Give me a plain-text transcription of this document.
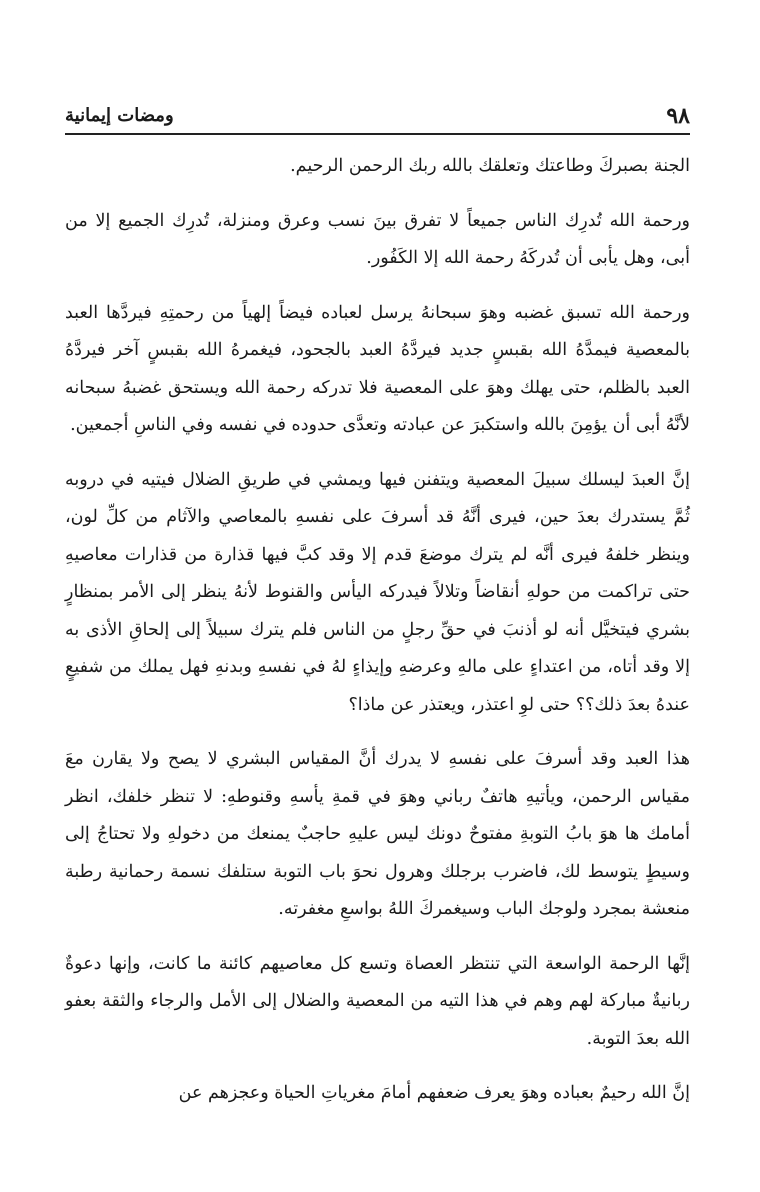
٩٨
ومضات إيمانية

الجنة بصبركَ وطاعتك وتعلقك بالله ربك الرحمن الرحيم.

ورحمة الله تُدرِك الناس جميعاً لا تفرق بينَ نسب وعرق ومنزلة، تُدرِك الجميع إلا من أبى، وهل يأبى أن تُدركَهُ رحمة الله إلا الكَفُور.

ورحمة الله تسبق غضبه وهوَ سبحانهُ يرسل لعباده فيضاً إلهياً من رحمتِهِ فيردَّها العبد بالمعصية فيمدَّهُ الله بقبسٍ جديد فيردَّهُ العبد بالجحود، فيغمرهُ الله بقبسٍ آخر فيردَّهُ العبد بالظلم، حتى يهلك وهوَ على المعصية فلا تدركه رحمة الله ويستحق غضبهُ سبحانه لأنَّهُ أبى أن يؤمِنَ بالله واستكبرَ عن عبادته وتعدَّى حدوده في نفسه وفي الناسِ أجمعين.

إنَّ العبدَ ليسلك سبيلَ المعصية ويتفنن فيها ويمشي في طريقِ الضلال فيتيه في دروبه ثُمَّ يستدرك بعدَ حين، فيرى أنَّهُ قد أسرفَ على نفسهِ بالمعاصي والآثام من كلِّ لون، وينظر خلفهُ فيرى أنَّه لم يترك موضعَ قدم إلا وقد كبَّ فيها قذارة من قذارات معاصيهِ حتى تراكمت من حولهِ أنقاضاً وتلالاً فيدركه اليأس والقنوط لأنهُ ينظر إلى الأمر بمنظارٍ بشري فيتخيَّل أنه لو أذنبَ في حقِّ رجلٍ من الناس فلم يترك سبيلاً إلى إلحاقِ الأذى به إلا وقد أتاه، من اعتداءٍ على مالهِ وعرضهِ وإيذاءٍ لهُ في نفسهِ وبدنهِ فهل يملك من شفيعٍ عندهُ بعدَ ذلك؟؟ حتى لوِ اعتذر، ويعتذر عن ماذا؟

هذا العبد وقد أسرفَ على نفسهِ لا يدرك أنَّ المقياس البشري لا يصح ولا يقارن معَ مقياس الرحمن، ويأتيهِ هاتفٌ رباني وهوَ في قمةِ يأسهِ وقنوطهِ: لا تنظر خلفك، انظر أمامك ها هوَ بابُ التوبةِ مفتوحٌ دونك ليس عليهِ حاجبٌ يمنعك من دخولهِ ولا تحتاجُ إلى وسيطٍ يتوسط لك، فاضرب برجلك وهرول نحوَ باب التوبة ستلفك نسمة رحمانية رطبة منعشة بمجرد ولوجك الباب وسيغمركَ اللهُ بواسعِ مغفرته.

إنَّها الرحمة الواسعة التي تنتظر العصاة وتسع كل معاصيهم كائنة ما كانت، وإنها دعوةٌ ربانيةٌ مباركة لهم وهم في هذا التيه من المعصية والضلال إلى الأمل والرجاء والثقة بعفو الله بعدَ التوبة.

إنَّ الله رحيمٌ بعباده وهوَ يعرف ضعفهم أمامَ مغرياتِ الحياة وعجزهم عن
